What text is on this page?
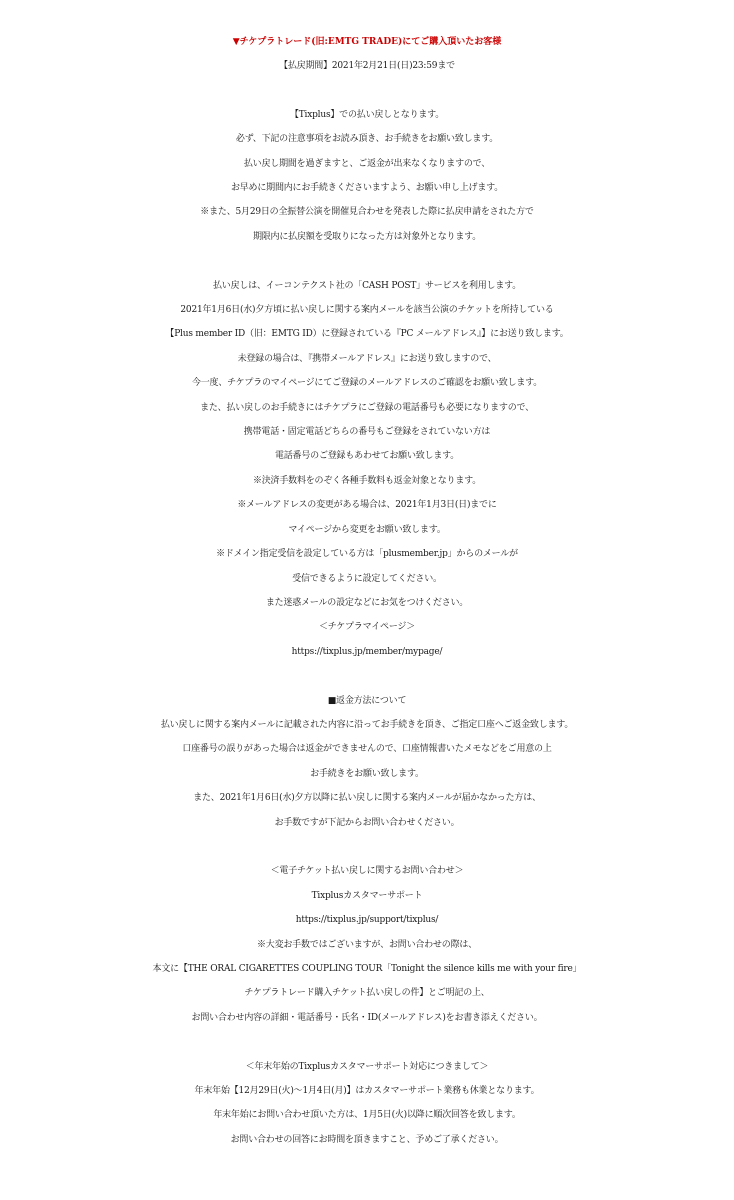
▼チケプラトレード(旧:EMTG TRADE)にてご購入頂いたお客様

【払戻期間】2021年2月21日(日)23:59まで

【Tixplus】での払い戻しとなります。

必ず、下記の注意事項をお読み頂き、お手続きをお願い致します。

払い戻し期間を過ぎますと、ご返金が出来なくなりますので、

お早めに期間内にお手続きくださいますよう、お願い申し上げます。

※また、5月29日の全振替公演を開催見合わせを発表した際に払戻申請をされた方で

期限内に払戻額を受取りになった方は対象外となります。

払い戻しは、イーコンテクスト社の「CASH POST」サービスを利用します。

2021年1月6日(水)夕方頃に払い戻しに関する案内メールを該当公演のチケットを所持している

【Plus member ID（旧：EMTG ID）に登録されている『PC メールアドレス』】にお送り致します。

未登録の場合は、『携帯メールアドレス』にお送り致しますので、

今一度、チケプラのマイページにてご登録のメールアドレスのご確認をお願い致します。

また、払い戻しのお手続きにはチケプラにご登録の電話番号も必要になりますので、

携帯電話・固定電話どちらの番号もご登録をされていない方は

電話番号のご登録もあわせてお願い致します。

※決済手数料をのぞく各種手数料も返金対象となります。

※メールアドレスの変更がある場合は、2021年1月3日(日)までに

マイページから変更をお願い致します。

※ドメイン指定受信を設定している方は「plusmember.jp」からのメールが

受信できるように設定してください。

また迷惑メールの設定などにお気をつけください。

＜チケプラマイページ＞

https://tixplus.jp/member/mypage/

■返金方法について

払い戻しに関する案内メールに記載された内容に沿ってお手続きを頂き、ご指定口座へご返金致します。

口座番号の誤りがあった場合は返金ができませんので、口座情報書いたメモなどをご用意の上

お手続きをお願い致します。

また、2021年1月6日(水)夕方以降に払い戻しに関する案内メールが届かなかった方は、

お手数ですが下記からお問い合わせください。

＜電子チケット払い戻しに関するお問い合わせ＞

Tixplusカスタマーサポート

https://tixplus.jp/support/tixplus/

※大変お手数ではございますが、お問い合わせの際は、

本文に【THE ORAL CIGARETTES COUPLING TOUR「Tonight the silence kills me with your fire」

チケプラトレード購入チケット払い戻しの件】とご明記の上、

お問い合わせ内容の詳細・電話番号・氏名・ID(メールアドレス)をお書き添えください。

＜年末年始のTixplusカスタマーサポート対応につきまして＞

年末年始【12月29日(火)～1月4日(月)】はカスタマーサポート業務も休業となります。

年末年始にお問い合わせ頂いた方は、1月5日(火)以降に順次回答を致します。

お問い合わせの回答にお時間を頂きますこと、予めご了承ください。
